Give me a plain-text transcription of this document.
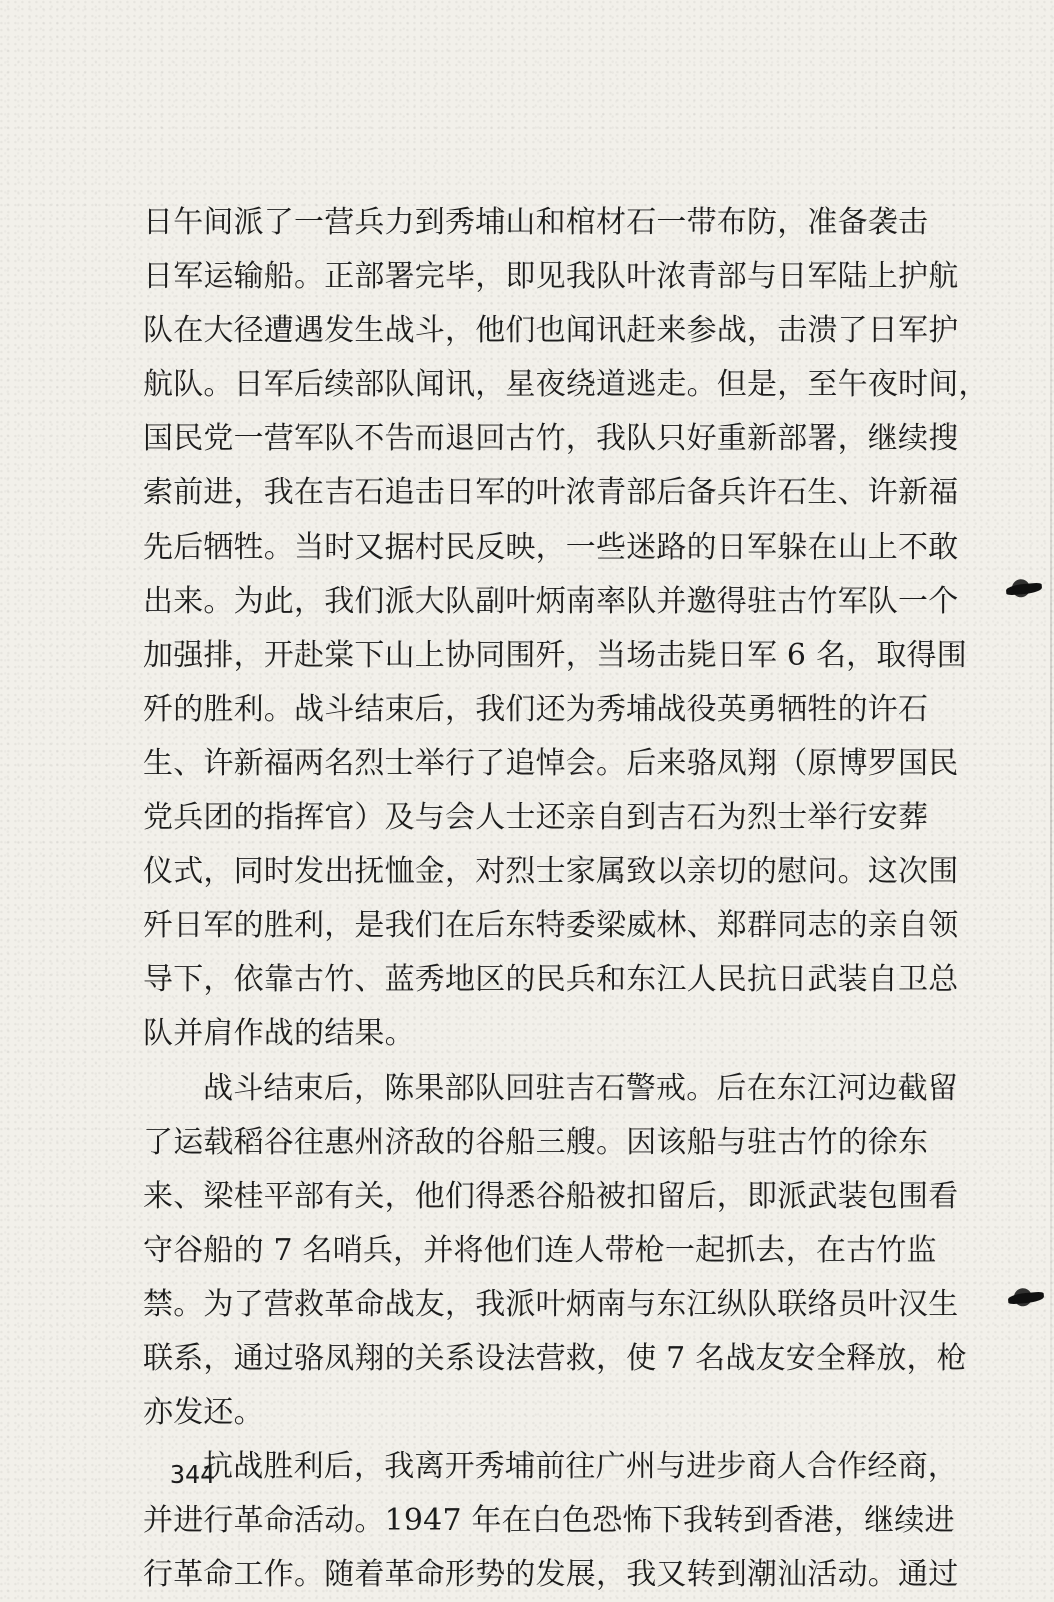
日午间派了一营兵力到秀埔山和棺材石一带布防，准备袭击
日军运输船。正部署完毕，即见我队叶浓青部与日军陆上护航
队在大径遭遇发生战斗，他们也闻讯赶来参战，击溃了日军护
航队。日军后续部队闻讯，星夜绕道逃走。但是，至午夜时间，
国民党一营军队不告而退回古竹，我队只好重新部署，继续搜
索前进，我在吉石追击日军的叶浓青部后备兵许石生、许新福
先后牺牲。当时又据村民反映，一些迷路的日军躲在山上不敢
出来。为此，我们派大队副叶炳南率队并邀得驻古竹军队一个
加强排，开赴棠下山上协同围歼，当场击毙日军 6 名，取得围
歼的胜利。战斗结束后，我们还为秀埔战役英勇牺牲的许石
生、许新福两名烈士举行了追悼会。后来骆凤翔（原博罗国民
党兵团的指挥官）及与会人士还亲自到吉石为烈士举行安葬
仪式，同时发出抚恤金，对烈士家属致以亲切的慰问。这次围
歼日军的胜利，是我们在后东特委梁威林、郑群同志的亲自领
导下，依靠古竹、蓝秀地区的民兵和东江人民抗日武装自卫总
队并肩作战的结果。
战斗结束后，陈果部队回驻吉石警戒。后在东江河边截留
了运载稻谷往惠州济敌的谷船三艘。因该船与驻古竹的徐东
来、梁桂平部有关，他们得悉谷船被扣留后，即派武装包围看
守谷船的 7 名哨兵，并将他们连人带枪一起抓去，在古竹监
禁。为了营救革命战友，我派叶炳南与东江纵队联络员叶汉生
联系，通过骆凤翔的关系设法营救，使 7 名战友安全释放，枪
亦发还。
抗战胜利后，我离开秀埔前往广州与进步商人合作经商，
并进行革命活动。1947 年在白色恐怖下我转到香港，继续进
行革命工作。随着革命形势的发展，我又转到潮汕活动。通过
344
